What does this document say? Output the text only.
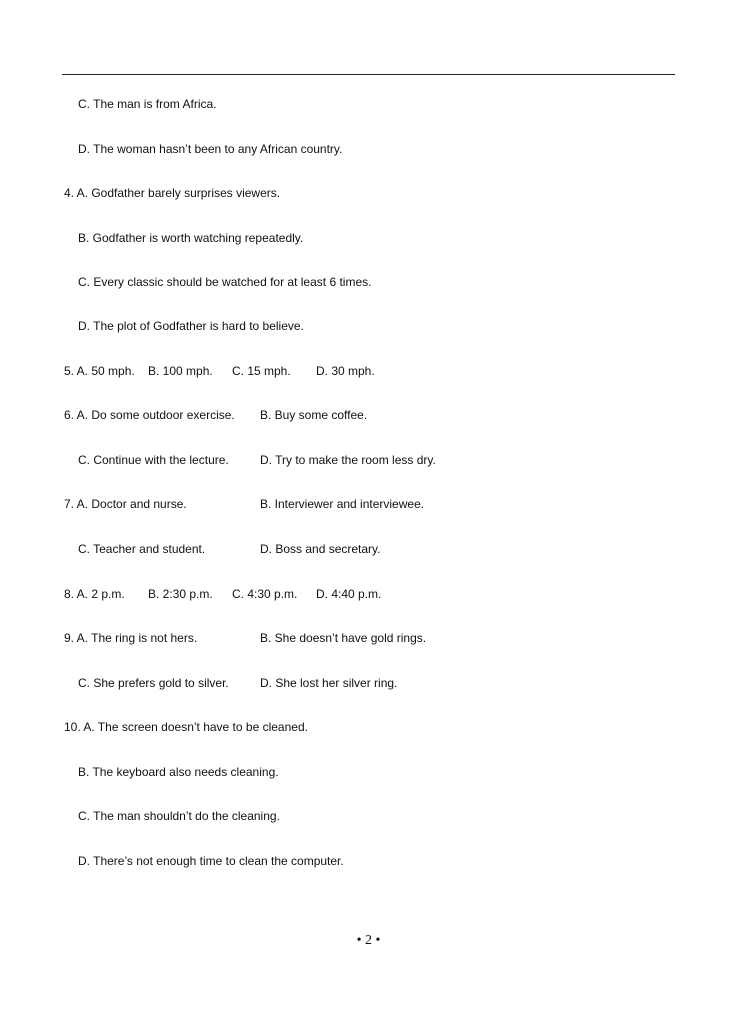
C. The man is from Africa.

D. The woman hasn’t been to any African country.

4. A. Godfather barely surprises viewers.

B. Godfather is worth watching repeatedly.

C. Every classic should be watched for at least 6 times.

D. The plot of Godfather is hard to believe.

5. A. 50 mph.

B. 100 mph.

C. 15 mph.

D. 30 mph.

6. A. Do some outdoor exercise.

B. Buy some coffee.

C. Continue with the lecture.

	D. Try to make the room less dry.

7. A. Doctor and nurse.

	B. Interviewer and interviewee.

C. Teacher and student.

	D. Boss and secretary.

8. A. 2 p.m.

B. 2:30 p.m.

C. 4:30 p.m.

D. 4:40 p.m.

9. A. The ring is not hers.

	B. She doesn’t have gold rings.

C. She prefers gold to silver.

	D. She lost her silver ring.

10. A. The screen doesn’t have to be cleaned.

B. The keyboard also needs cleaning.

C. The man shouldn’t do the cleaning.

D. There’s not enough time to clean the computer.

• 2 •
